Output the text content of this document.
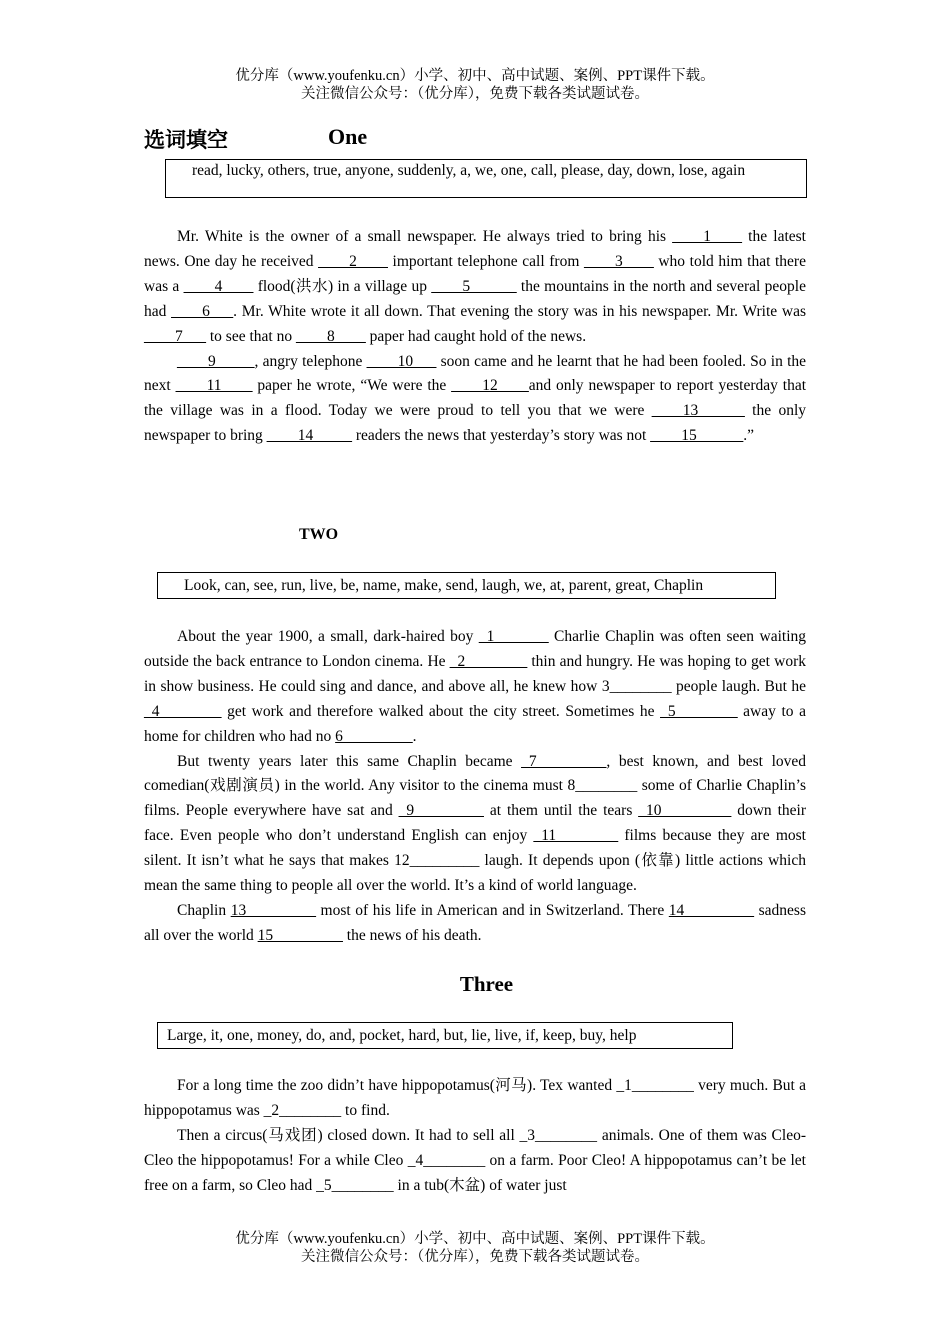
优分库（www.youfenku.cn）小学、初中、高中试题、案例、PPT课件下载。
关注微信公众号：（优分库），免费下载各类试题试卷。
选词填空	One
read, lucky, others, true, anyone, suddenly, a, we, one, call, please, day, down, lose, again

Mr. White is the owner of a small newspaper. He always tried to bring his ____1____ the latest news. One day he received ____2____ important telephone call from ____3____ who told him that there was a ____4____ flood(洪水) in a village up ____5______ the mountains in the north and several people had ____6___. Mr. White wrote it all down. That evening the story was in his newspaper. Mr. Write was ____7___ to see that no ____8____ paper had caught hold of the news.

____9_____, angry telephone ____10___ soon came and he learnt that he had been fooled. So in the next ____11____ paper he wrote, “We were the ____12____and only newspaper to report yesterday that the village was in a flood. Today we were proud to tell you that we were ____13______ the only newspaper to bring ____14_____ readers the news that yesterday’s story was not ____15______.”

TWO
Look, can, see, run, live, be, name, make, send, laugh, we, at, parent, great, Chaplin

About the year 1900, a small, dark-haired boy _1_______ Charlie Chaplin was often seen waiting outside the back entrance to London cinema. He _2________ thin and hungry. He was hoping to get work in show business. He could sing and dance, and above all, he knew how 3________ people laugh. But he _4________ get work and therefore walked about the city street. Sometimes he _5________ away to a home for children who had no 6_________.

But twenty years later this same Chaplin became _7_________, best known, and best loved comedian(戏剧演员) in the world. Any visitor to the cinema must 8________ some of Charlie Chaplin’s films. People everywhere have sat and _9_________ at them until the tears _10_________ down their face. Even people who don’t understand English can enjoy _11________ films because they are most silent. It isn’t what he says that makes 12_________ laugh. It depends upon (依靠) little actions which mean the same thing to people all over the world. It’s a kind of world language.

Chaplin 13_________ most of his life in American and in Switzerland. There 14_________ sadness all over the world 15_________ the news of his death.

Three
Large, it, one, money, do, and, pocket, hard, but, lie, live, if, keep, buy, help

For a long time the zoo didn’t have hippopotamus(河马). Tex wanted _1________ very much. But a hippopotamus was _2________ to find.

Then a circus(马戏团) closed down. It had to sell all _3________ animals. One of them was Cleo-Cleo the hippopotamus! For a while Cleo _4________ on a farm. Poor Cleo! A hippopotamus can’t be let free on a farm, so Cleo had _5________ in a tub(木盆) of water just

优分库（www.youfenku.cn）小学、初中、高中试题、案例、PPT课件下载。
关注微信公众号：（优分库），免费下载各类试题试卷。
